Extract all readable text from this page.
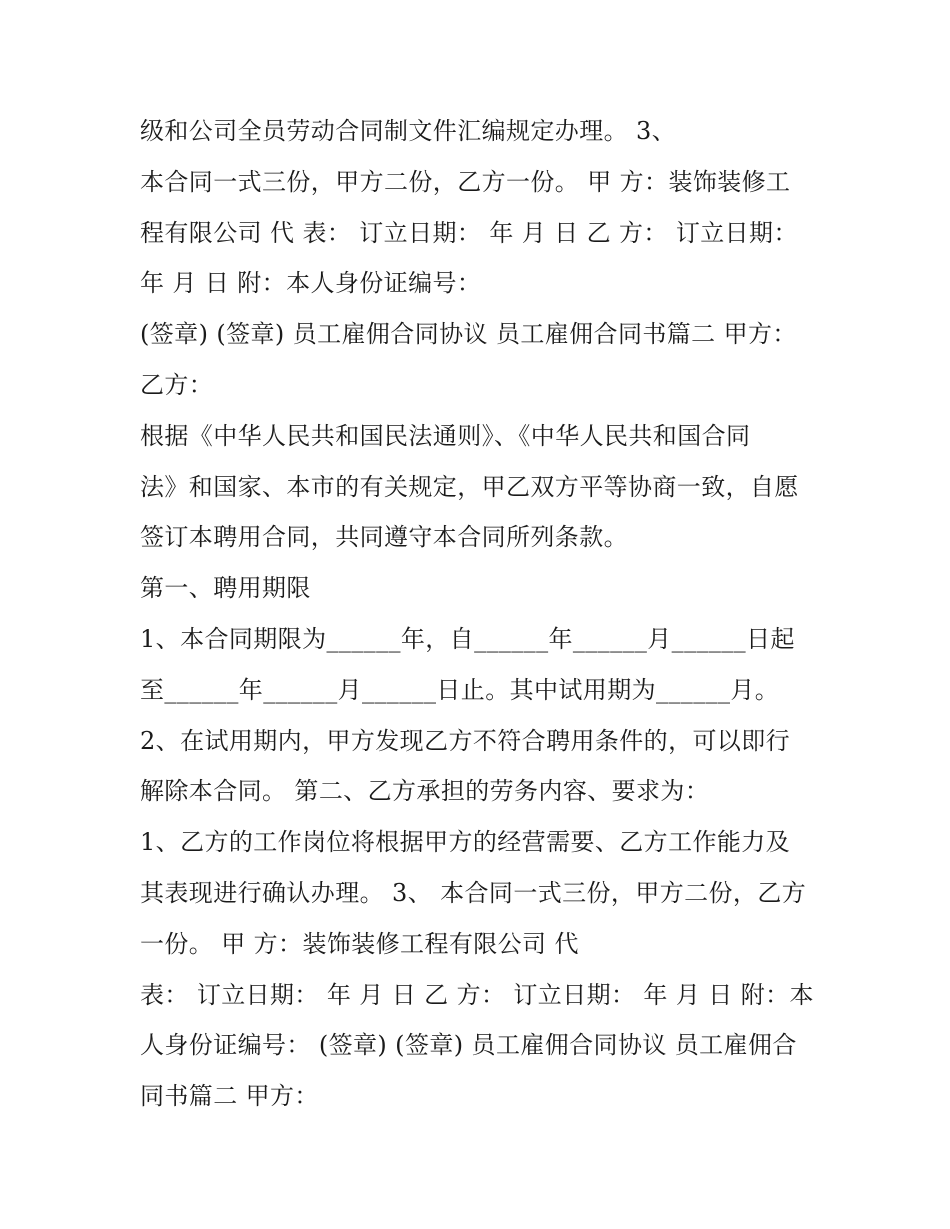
级和公司全员劳动合同制文件汇编规定办理。 3、
本合同一式三份，甲方二份，乙方一份。 甲 方：装饰装修工
程有限公司 代 表： 订立日期： 年 月 日 乙 方： 订立日期：
年 月 日 附：本人身份证编号：
(签章) (签章) 员工雇佣合同协议 员工雇佣合同书篇二 甲方：
乙方：
根据《中华人民共和国民法通则》、《中华人民共和国合同
法》和国家、本市的有关规定，甲乙双方平等协商一致，自愿
签订本聘用合同，共同遵守本合同所列条款。
第一、聘用期限
1、本合同期限为______年，自______年______月______日起
至______年______月______日止。其中试用期为______月。
2、在试用期内，甲方发现乙方不符合聘用条件的，可以即行
解除本合同。 第二、乙方承担的劳务内容、要求为：
1、乙方的工作岗位将根据甲方的经营需要、乙方工作能力及
其表现进行确认办理。 3、 本合同一式三份，甲方二份，乙方
一份。 甲 方：装饰装修工程有限公司 代
表： 订立日期： 年 月 日 乙 方： 订立日期： 年 月 日 附：本
人身份证编号： (签章) (签章) 员工雇佣合同协议 员工雇佣合
同书篇二 甲方：
